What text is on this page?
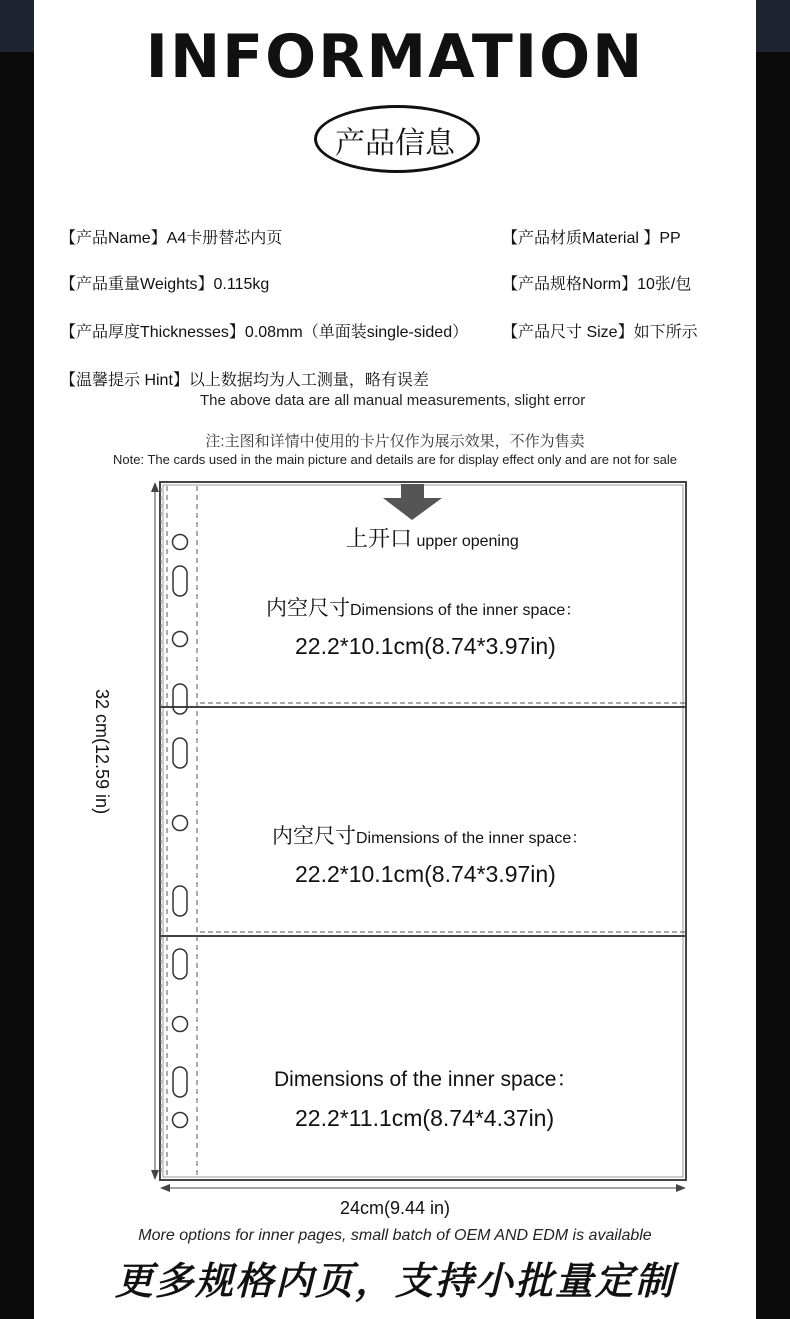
INFORMATION
产品信息
【产品Name】A4卡册替芯内页	【产品材质Material 】PP
【产品重量Weights】0.115kg	【产品规格Norm】10张/包
【产品厚度Thicknesses】0.08mm（单面装single-sided） 【产品尺寸 Size】如下所示
【温馨提示 Hint】以上数据均为人工测量，略有误差
The above data are all manual measurements, slight error
注:主图和详情中使用的卡片仅作为展示效果，不作为售卖
Note: The cards used in the main picture and details are for display effect only and are not for sale
上开口 upper opening
内空尺寸Dimensions of the inner space：
22.2*10.1cm(8.74*3.97in)
内空尺寸Dimensions of the inner space：
22.2*10.1cm(8.74*3.97in)
Dimensions of the inner space：
22.2*11.1cm(8.74*4.37in)
32 cm(12.59 in)
24cm(9.44 in)
More options for inner pages, small batch of OEM AND EDM is available
更多规格内页，支持小批量定制
